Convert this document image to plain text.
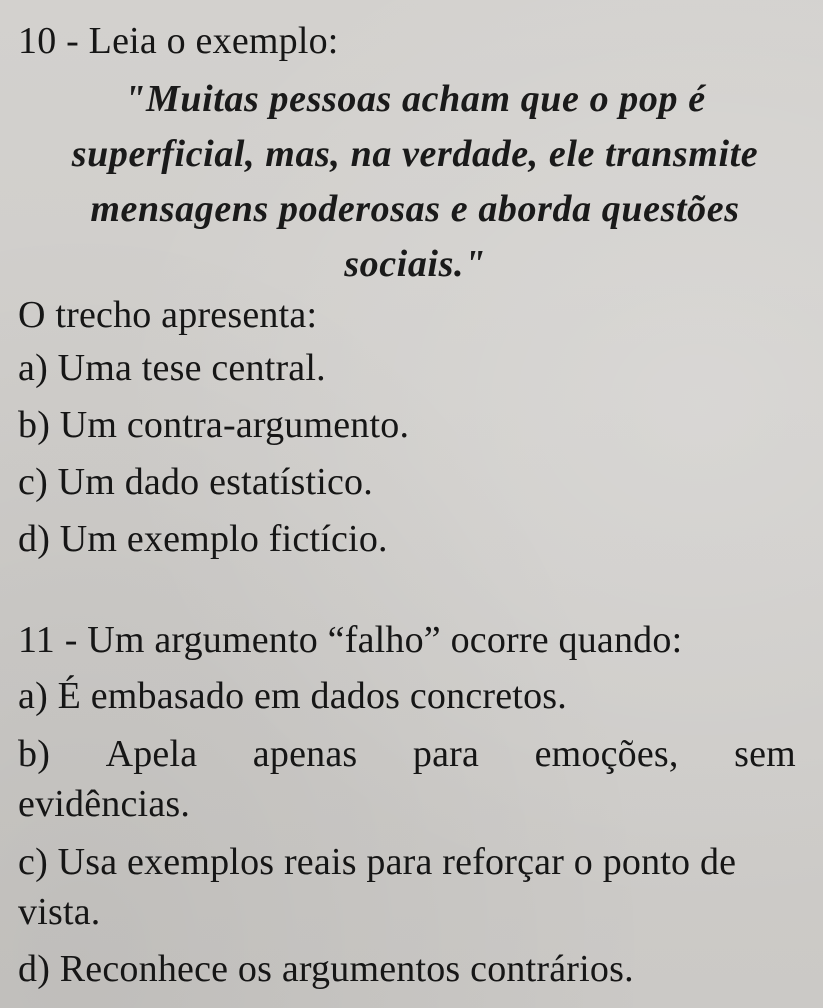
10 - Leia o exemplo:
"Muitas pessoas acham que o pop é
superficial, mas, na verdade, ele transmite
mensagens poderosas e aborda questões
sociais."
O trecho apresenta:
a) Uma tese central.
b) Um contra-argumento.
c) Um dado estatístico.
d) Um exemplo fictício.
11 - Um argumento “falho” ocorre quando:
a) É embasado em dados concretos.
b) Apela apenas para emoções, sem
evidências.
c) Usa exemplos reais para reforçar o ponto de
vista.
d) Reconhece os argumentos contrários.
